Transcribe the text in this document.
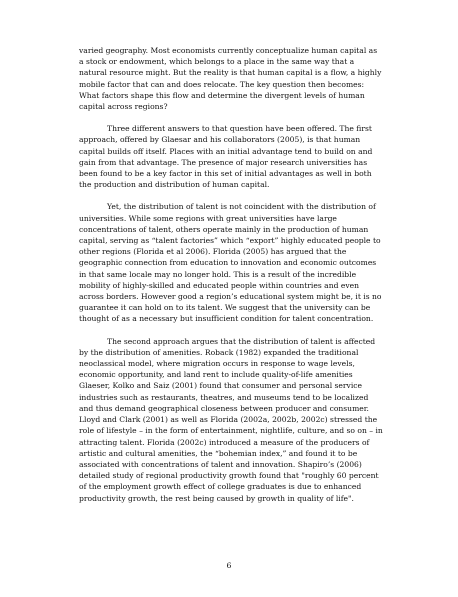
varied geography. Most economists currently conceptualize human capital as
a stock or endowment, which belongs to a place in the same way that a
natural resource might. But the reality is that human capital is a flow, a highly
mobile factor that can and does relocate. The key question then becomes:
What factors shape this flow and determine the divergent levels of human
capital across regions?
Three different answers to that question have been offered. The first
approach, offered by Glaesar and his collaborators (2005), is that human
capital builds off itself. Places with an initial advantage tend to build on and
gain from that advantage. The presence of major research universities has
been found to be a key factor in this set of initial advantages as well in both
the production and distribution of human capital.
Yet, the distribution of talent is not coincident with the distribution of
universities. While some regions with great universities have large
concentrations of talent, others operate mainly in the production of human
capital, serving as “talent factories” which “export” highly educated people to
other regions (Florida et al 2006). Florida (2005) has argued that the
geographic connection from education to innovation and economic outcomes
in that same locale may no longer hold. This is a result of the incredible
mobility of highly-skilled and educated people within countries and even
across borders. However good a region’s educational system might be, it is no
guarantee it can hold on to its talent. We suggest that the university can be
thought of as a necessary but insufficient condition for talent concentration.
The second approach argues that the distribution of talent is affected
by the distribution of amenities. Roback (1982) expanded the traditional
neoclassical model, where migration occurs in response to wage levels,
economic opportunity, and land rent to include quality-of-life amenities
Glaeser, Kolko and Saiz (2001) found that consumer and personal service
industries such as restaurants, theatres, and museums tend to be localized
and thus demand geographical closeness between producer and consumer.
Lloyd and Clark (2001) as well as Florida (2002a, 2002b, 2002c) stressed the
role of lifestyle – in the form of entertainment, nightlife, culture, and so on – in
attracting talent. Florida (2002c) introduced a measure of the producers of
artistic and cultural amenities, the “bohemian index,” and found it to be
associated with concentrations of talent and innovation. Shapiro’s (2006)
detailed study of regional productivity growth found that "roughly 60 percent
of the employment growth effect of college graduates is due to enhanced
productivity growth, the rest being caused by growth in quality of life".
6
